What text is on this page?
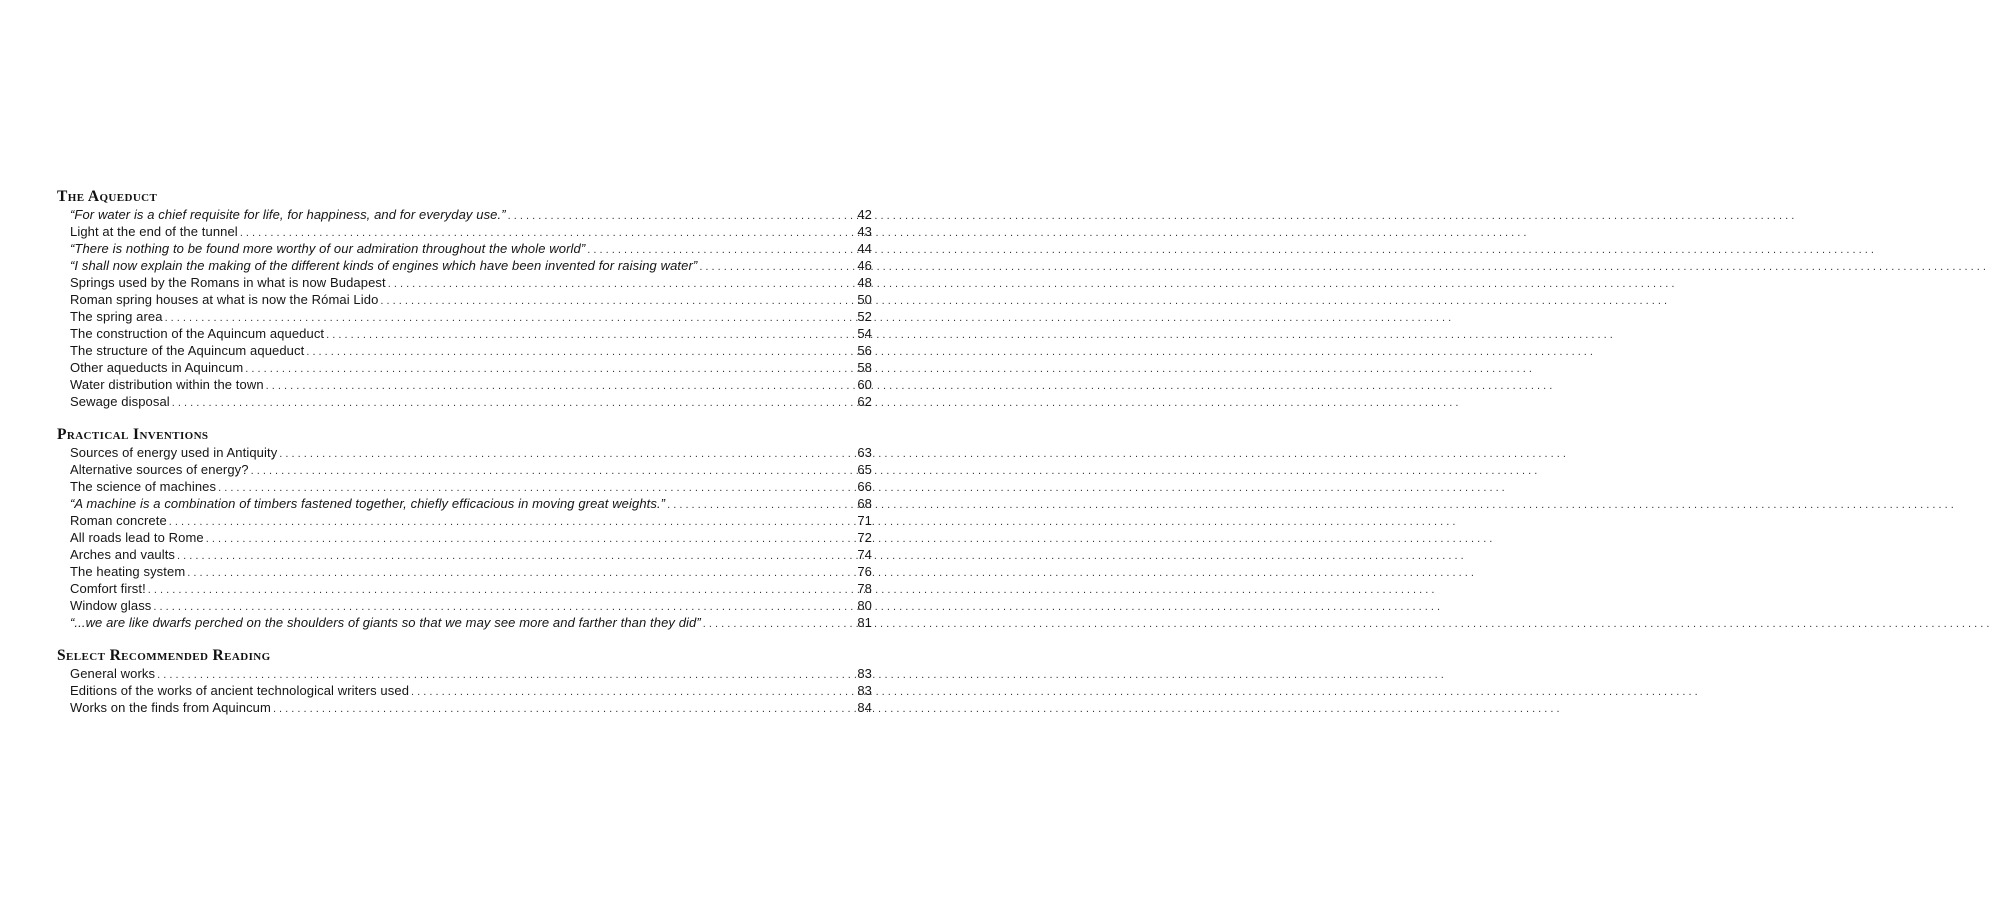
The Aqueduct
“For water is a chief requisite for life, for happiness, and for everyday use.” . . .	42
Light at the end of the tunnel . . .	43
“There is nothing to be found more worthy of our admiration throughout the whole world” . . .	44
“I shall now explain the making of the different kinds of engines which have been invented for raising water” . . .	46
Springs used by the Romans in what is now Budapest . . .	48
Roman spring houses at what is now the Római Lido . . .	50
The spring area . . .	52
The construction of the Aquincum aqueduct . . .	54
The structure of the Aquincum aqueduct . . .	56
Other aqueducts in Aquincum . . .	58
Water distribution within the town . . .	60
Sewage disposal . . .	62
Practical Inventions
Sources of energy used in Antiquity . . .	63
Alternative sources of energy? . . .	65
The science of machines . . .	66
“A machine is a combination of timbers fastened together, chiefly efficacious in moving great weights.” . . .	68
Roman concrete . . .	71
All roads lead to Rome . . .	72
Arches and vaults . . .	74
The heating system . . .	76
Comfort first! . . .	78
Window glass . . .	80
“...we are like dwarfs perched on the shoulders of giants so that we may see more and farther than they did” . . .	81
Select Recommended Reading
General works . . .	83
Editions of the works of ancient technological writers used . . .	83
Works on the finds from Aquincum . . .	84
